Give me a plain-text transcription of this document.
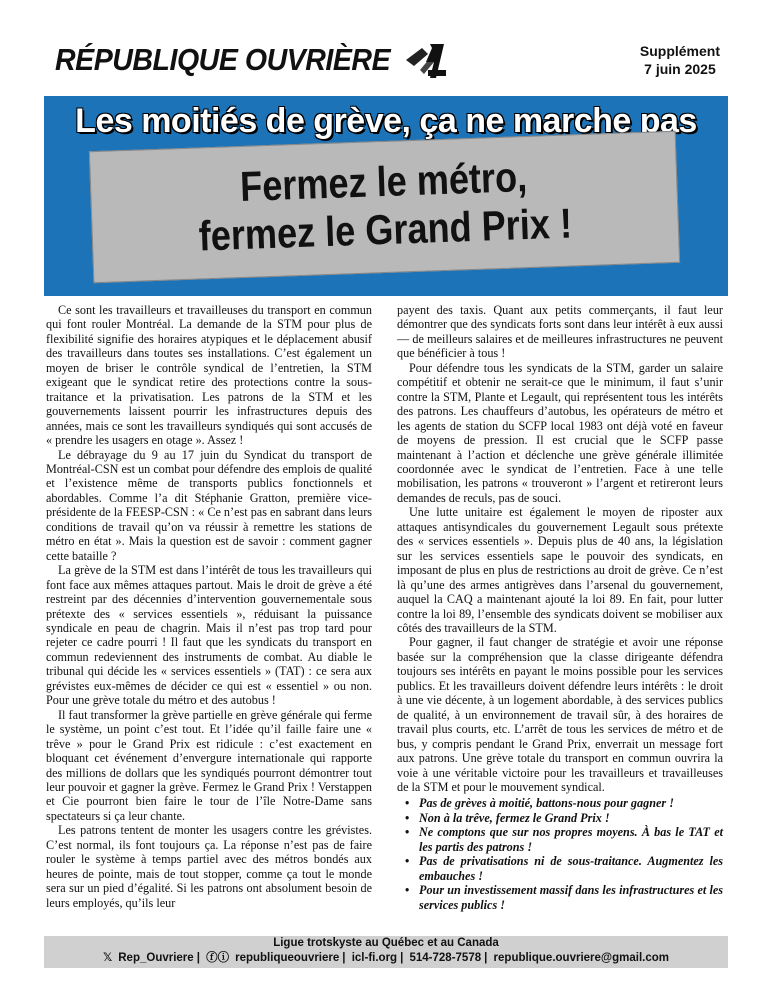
RÉPUBLIQUE OUVRIÈRE	Supplément
7 juin 2025
Les moitiés de grève, ça ne marche pas
Fermez le métro,
fermez le Grand Prix !

Ce sont les travailleurs et travailleuses du transport en commun qui font rouler Montréal. La demande de la STM pour plus de flexibilité signifie des horaires atypiques et le déplacement abusif des travailleurs dans toutes ses installations. C’est également un moyen de briser le contrôle syndical de l’entretien, la STM exigeant que le syndicat retire des protections contre la sous-traitance et la privatisation. Les patrons de la STM et les gouvernements laissent pourrir les infrastructures depuis des années, mais ce sont les travailleurs syndiqués qui sont accusés de « prendre les usagers en otage ». Assez !

Le débrayage du 9 au 17 juin du Syndicat du transport de Montréal-CSN est un combat pour défendre des emplois de qualité et l’existence même de transports publics fonctionnels et abordables. Comme l’a dit Stéphanie Gratton, première vice-présidente de la FEESP-CSN : « Ce n’est pas en sabrant dans leurs conditions de travail qu’on va réussir à remettre les stations de métro en état ». Mais la question est de savoir : comment gagner cette bataille ?

La grève de la STM est dans l’intérêt de tous les travailleurs qui font face aux mêmes attaques partout. Mais le droit de grève a été restreint par des décennies d’intervention gouvernementale sous prétexte des « services essentiels », réduisant la puissance syndicale en peau de chagrin. Mais il n’est pas trop tard pour rejeter ce cadre pourri ! Il faut que les syndicats du transport en commun redeviennent des instruments de combat. Au diable le tribunal qui décide les « services essentiels » (TAT) : ce sera aux grévistes eux-mêmes de décider ce qui est « essentiel » ou non. Pour une grève totale du métro et des autobus !

Il faut transformer la grève partielle en grève générale qui ferme le système, un point c’est tout. Et l’idée qu’il faille faire une « trêve » pour le Grand Prix est ridicule : c’est exactement en bloquant cet événement d’envergure internationale qui rapporte des millions de dollars que les syndiqués pourront démontrer tout leur pouvoir et gagner la grève. Fermez le Grand Prix ! Verstappen et Cie pourront bien faire le tour de l’île Notre-Dame sans spectateurs si ça leur chante.

Les patrons tentent de monter les usagers contre les grévistes. C’est normal, ils font toujours ça. La réponse n’est pas de faire rouler le système à temps partiel avec des métros bondés aux heures de pointe, mais de tout stopper, comme ça tout le monde sera sur un pied d’égalité. Si les patrons ont absolument besoin de leurs employés, qu’ils leur

payent des taxis. Quant aux petits commerçants, il faut leur démontrer que des syndicats forts sont dans leur intérêt à eux aussi — de meilleurs salaires et de meilleures infrastructures ne peuvent que bénéficier à tous !

Pour défendre tous les syndicats de la STM, garder un salaire compétitif et obtenir ne serait-ce que le minimum, il faut s’unir contre la STM, Plante et Legault, qui représentent tous les intérêts des patrons. Les chauffeurs d’autobus, les opérateurs de métro et les agents de station du SCFP local 1983 ont déjà voté en faveur de moyens de pression. Il est crucial que le SCFP passe maintenant à l’action et déclenche une grève générale illimitée coordonnée avec le syndicat de l’entretien. Face à une telle mobilisation, les patrons « trouveront » l’argent et retireront leurs demandes de reculs, pas de souci.

Une lutte unitaire est également le moyen de riposter aux attaques antisyndicales du gouvernement Legault sous prétexte des « services essentiels ». Depuis plus de 40 ans, la législation sur les services essentiels sape le pouvoir des syndicats, en imposant de plus en plus de restrictions au droit de grève. Ce n’est là qu’une des armes antigrèves dans l’arsenal du gouvernement, auquel la CAQ a maintenant ajouté la loi 89. En fait, pour lutter contre la loi 89, l’ensemble des syndicats doivent se mobiliser aux côtés des travailleurs de la STM.

Pour gagner, il faut changer de stratégie et avoir une réponse basée sur la compréhension que la classe dirigeante défendra toujours ses intérêts en payant le moins possible pour les services publics. Et les travailleurs doivent défendre leurs intérêts : le droit à une vie décente, à un logement abordable, à des services publics de qualité, à un environnement de travail sûr, à des horaires de travail plus courts, etc. L’arrêt de tous les services de métro et de bus, y compris pendant le Grand Prix, enverrait un message fort aux patrons. Une grève totale du transport en commun ouvrira la voie à une véritable victoire pour les travailleurs et travailleuses de la STM et pour le mouvement syndical.

• Pas de grèves à moitié, battons-nous pour gagner !
• Non à la trêve, fermez le Grand Prix !
• Ne comptons que sur nos propres moyens. À bas le TAT et les partis des patrons !
• Pas de privatisations ni de sous-traitance. Augmentez les embauches !
• Pour un investissement massif dans les infrastructures et les services publics !
Ligue trotskyste au Québec et au Canada
𝕏 Rep_Ouvriere | ⓕⓘ republiqueouvriere | icl-fi.org | 514-728-7578 | republique.ouvriere@gmail.com
